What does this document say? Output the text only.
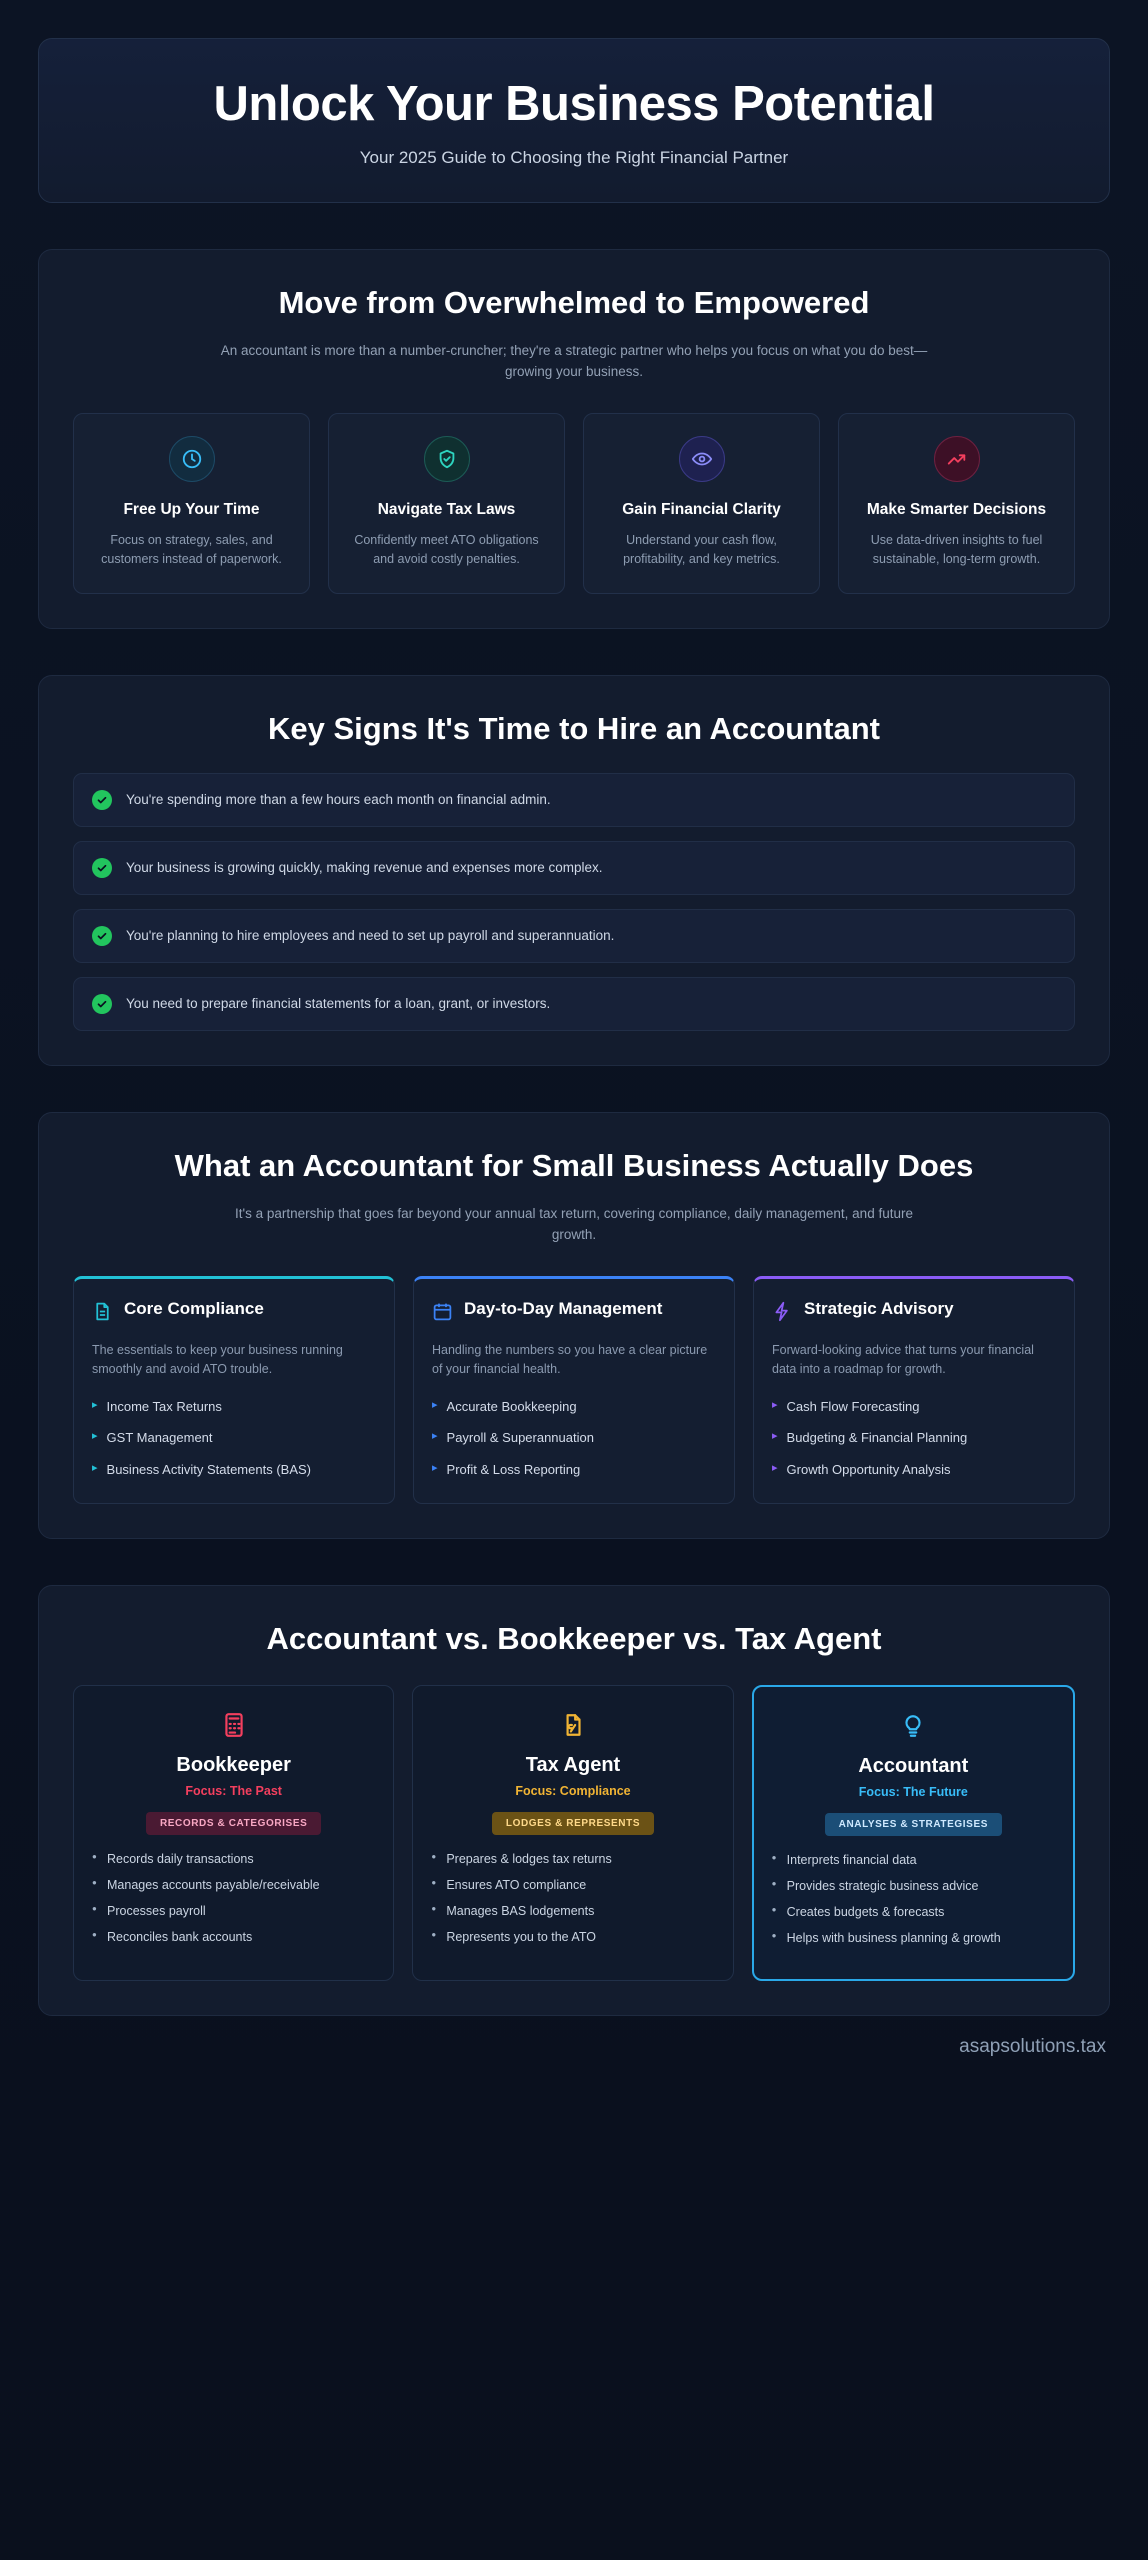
Unlock Your Business Potential

Your 2025 Guide to Choosing the Right Financial Partner

Move from Overwhelmed to Empowered

An accountant is more than a number-cruncher; they're a strategic partner who helps you focus on what you do best—growing your business.

Free Up Your Time

Focus on strategy, sales, and customers instead of paperwork.

Navigate Tax Laws

Confidently meet ATO obligations and avoid costly penalties.

Gain Financial Clarity

Understand your cash flow, profitability, and key metrics.

Make Smarter Decisions

Use data-driven insights to fuel sustainable, long-term growth.

Key Signs It's Time to Hire an Accountant
You're spending more than a few hours each month on financial admin.
Your business is growing quickly, making revenue and expenses more complex.
You're planning to hire employees and need to set up payroll and superannuation.
You need to prepare financial statements for a loan, grant, or investors.
What an Accountant for Small Business Actually Does

It's a partnership that goes far beyond your annual tax return, covering compliance, daily management, and future growth.

Core Compliance

The essentials to keep your business running smoothly and avoid ATO trouble.

▸ Income Tax Returns
▸ GST Management
▸ Business Activity Statements (BAS)
Day-to-Day Management

Handling the numbers so you have a clear picture of your financial health.

▸ Accurate Bookkeeping
▸ Payroll & Superannuation
▸ Profit & Loss Reporting
Strategic Advisory

Forward-looking advice that turns your financial data into a roadmap for growth.

▸ Cash Flow Forecasting
▸ Budgeting & Financial Planning
▸ Growth Opportunity Analysis
Accountant vs. Bookkeeper vs. Tax Agent
Bookkeeper

Focus: The Past

RECORDS & CATEGORISES
● Records daily transactions
● Manages accounts payable/receivable
● Processes payroll
● Reconciles bank accounts
Tax Agent

Focus: Compliance

LODGES & REPRESENTS
● Prepares & lodges tax returns
● Ensures ATO compliance
● Manages BAS lodgements
● Represents you to the ATO
Accountant

Focus: The Future

ANALYSES & STRATEGISES
● Interprets financial data
● Provides strategic business advice
● Creates budgets & forecasts
● Helps with business planning & growth
asapsolutions.tax
